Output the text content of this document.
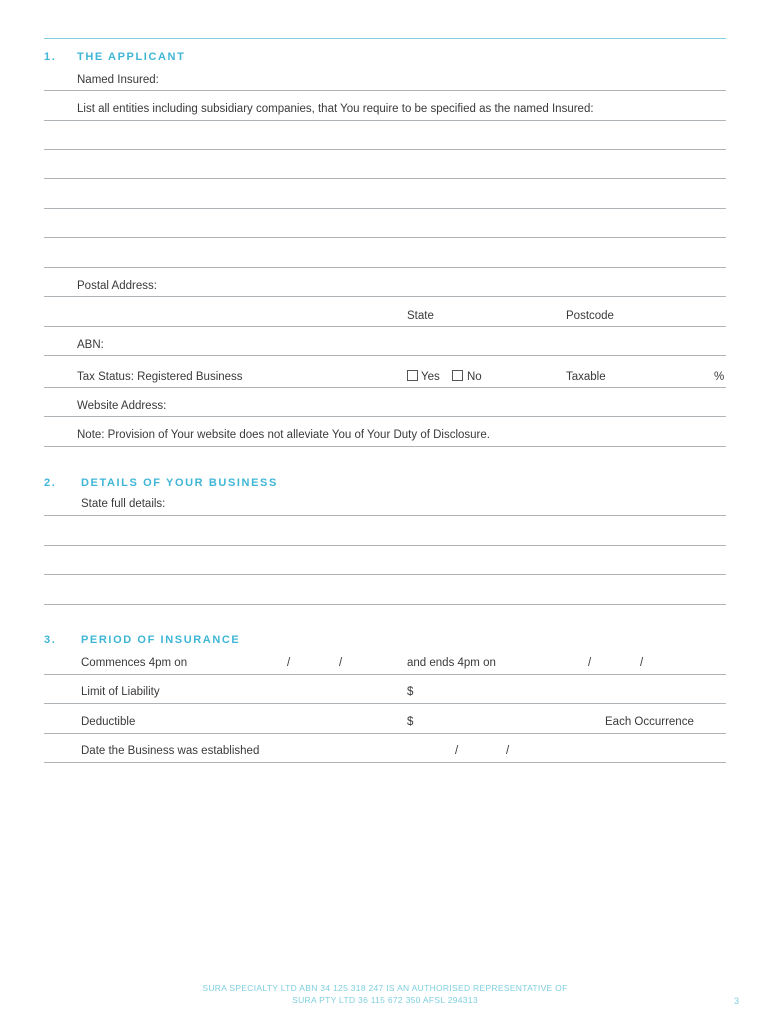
1. THE APPLICANT
Named Insured:
List all entities including subsidiary companies, that You require to be specified as the named Insured:
Postal Address:
State	Postcode
ABN:
Tax Status: Registered Business	Yes No	Taxable	%
Website Address:
Note: Provision of Your website does not alleviate You of Your Duty of Disclosure.
2. DETAILS OF YOUR BUSINESS
State full details:
3. PERIOD OF INSURANCE
Commences 4pm on	/	/	and ends 4pm on	/	/
Limit of Liability	$
Deductible	$	Each Occurrence
Date the Business was established	/	/
SURA SPECIALTY LTD ABN 34 125 318 247 IS AN AUTHORISED REPRESENTATIVE OF
SURA PTY LTD 36 115 672 350 AFSL 294313	3
